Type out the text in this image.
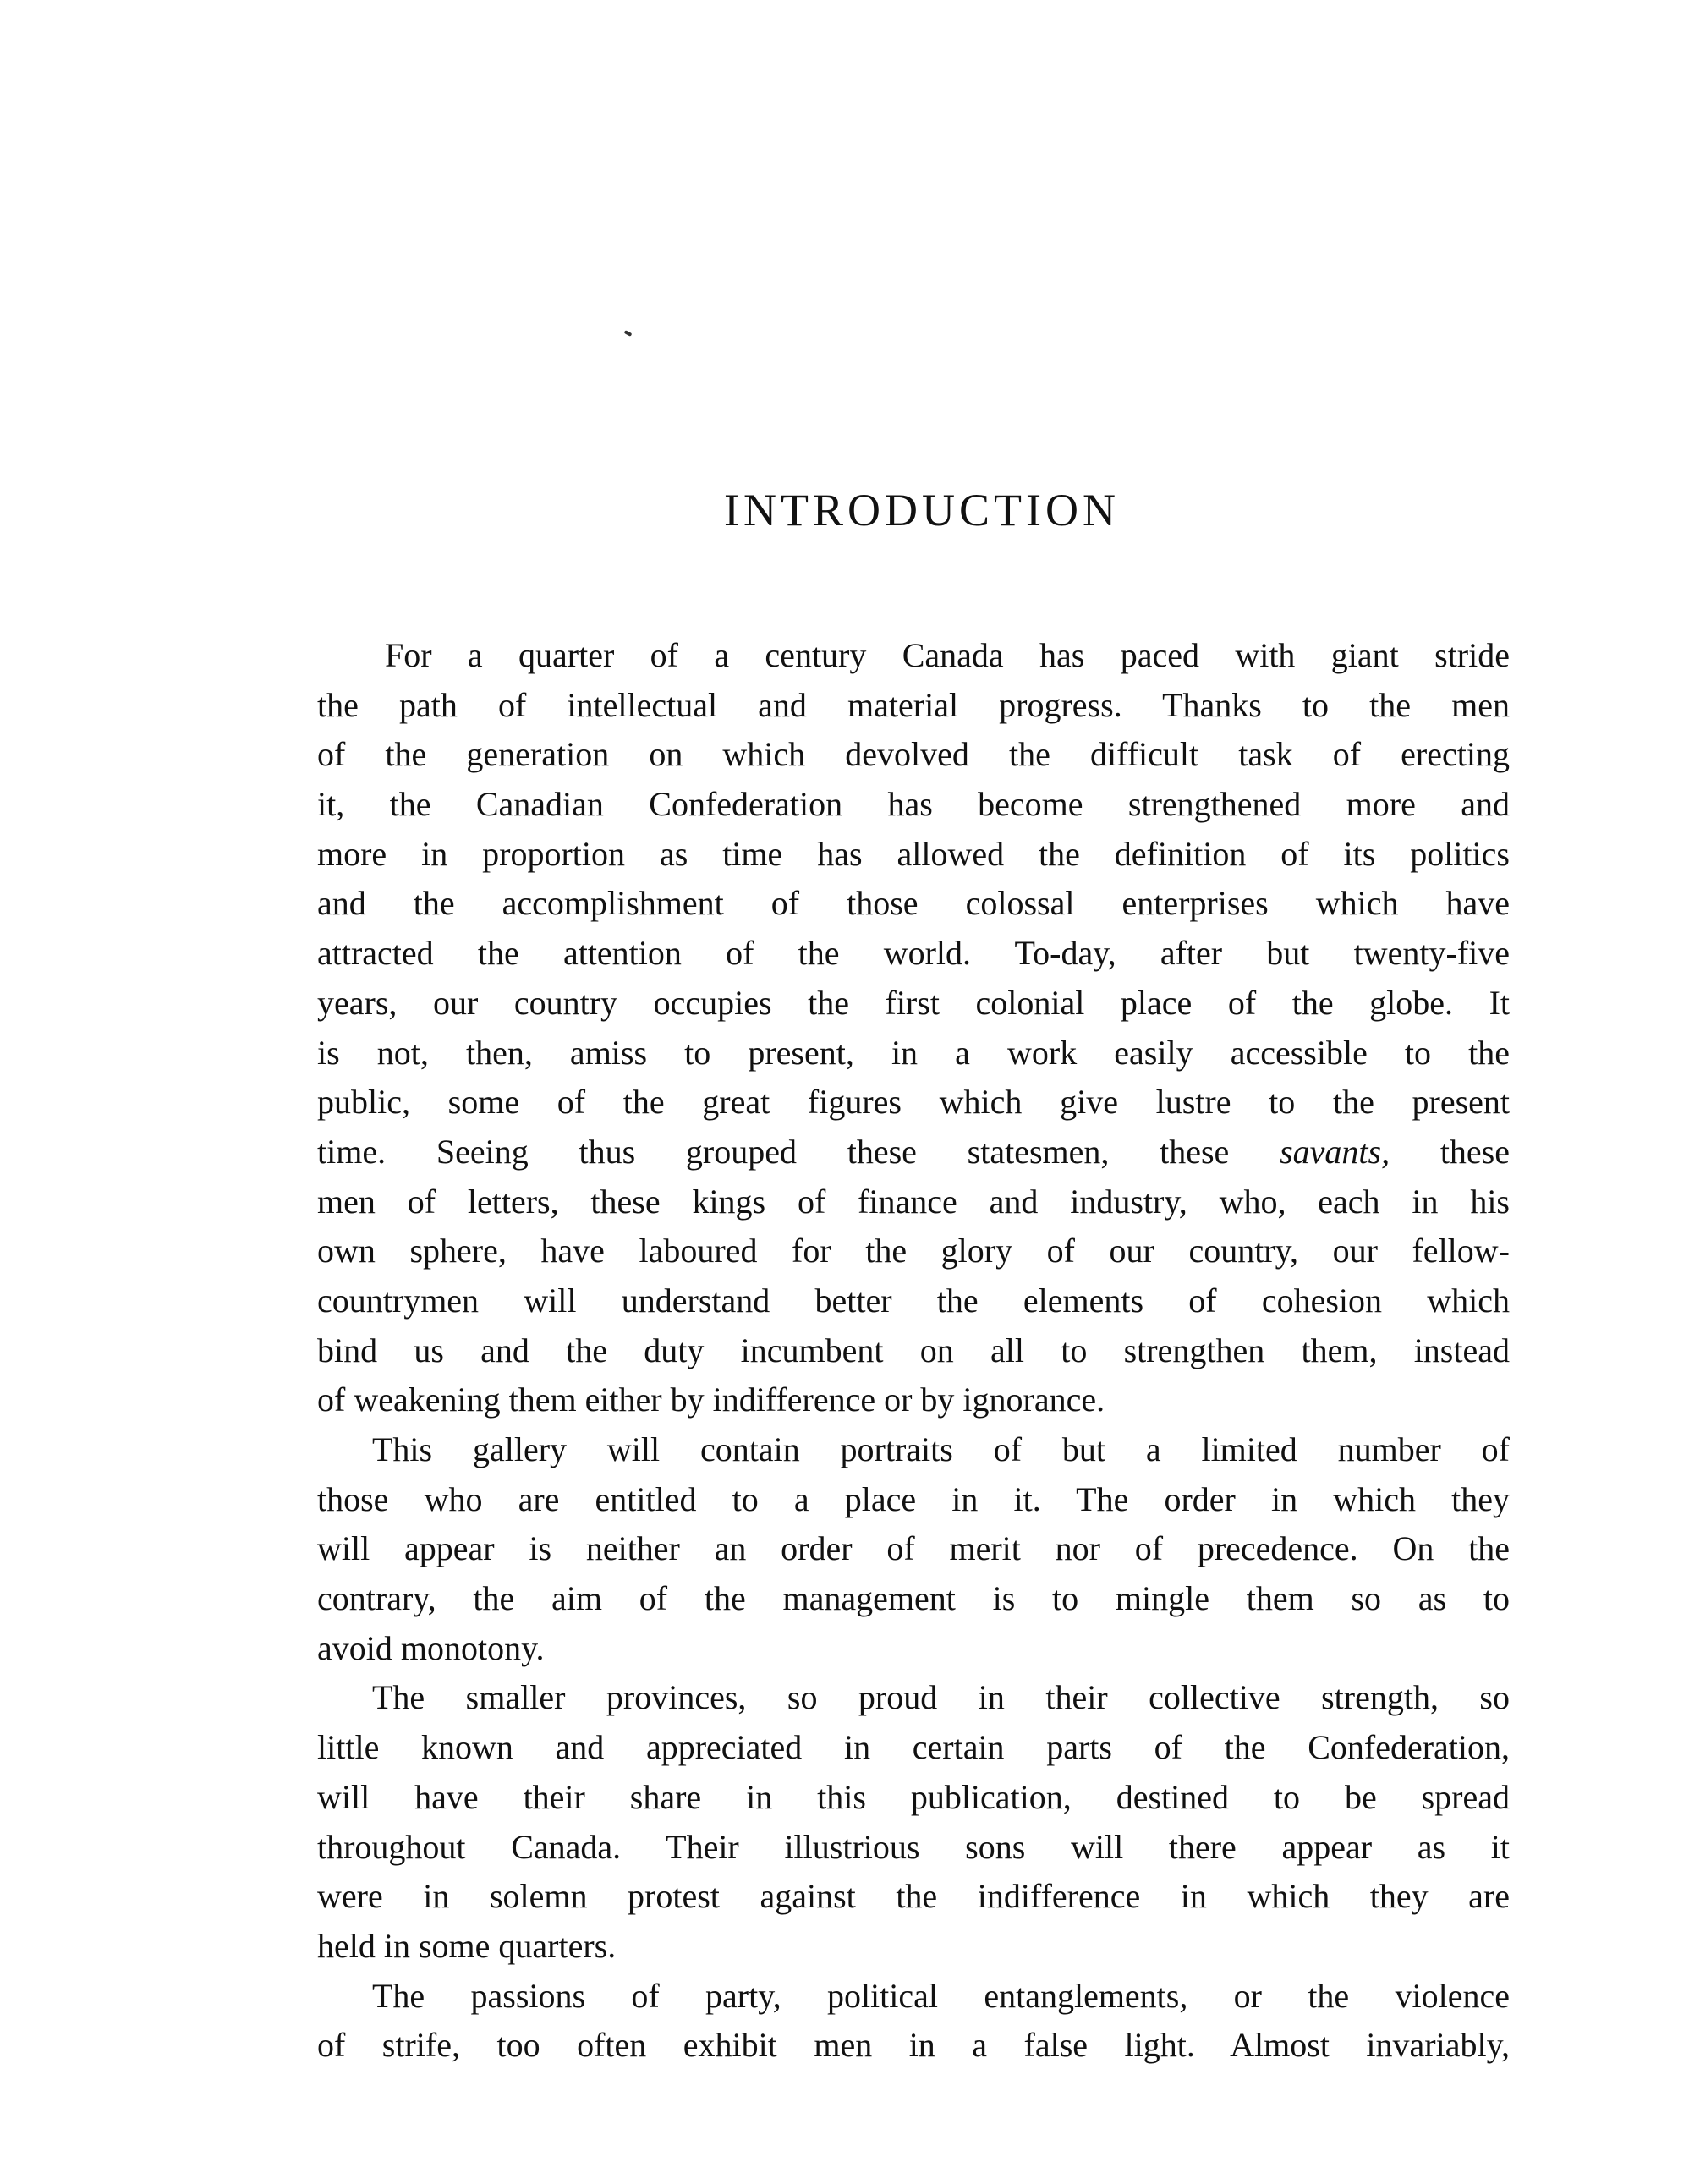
INTRODUCTION
For a quarter of a century Canada has paced with giant stride
the path of intellectual and material progress. Thanks to the men
of the generation on which devolved the difficult task of erecting
it, the Canadian Confederation has become strengthened more and
more in proportion as time has allowed the definition of its politics
and the accomplishment of those colossal enterprises which have
attracted the attention of the world. To-day, after but twenty-five
years, our country occupies the first colonial place of the globe. It
is not, then, amiss to present, in a work easily accessible to the
public, some of the great figures which give lustre to the present
time. Seeing thus grouped these statesmen, these savants, these
men of letters, these kings of finance and industry, who, each in his
own sphere, have laboured for the glory of our country, our fellow-
countrymen will understand better the elements of cohesion which
bind us and the duty incumbent on all to strengthen them, instead
of weakening them either by indifference or by ignorance.
This gallery will contain portraits of but a limited number of
those who are entitled to a place in it. The order in which they
will appear is neither an order of merit nor of precedence. On the
contrary, the aim of the management is to mingle them so as to
avoid monotony.
The smaller provinces, so proud in their collective strength, so
little known and appreciated in certain parts of the Confederation,
will have their share in this publication, destined to be spread
throughout Canada. Their illustrious sons will there appear as it
were in solemn protest against the indifference in which they are
held in some quarters.
The passions of party, political entanglements, or the violence
of strife, too often exhibit men in a false light. Almost invariably,
